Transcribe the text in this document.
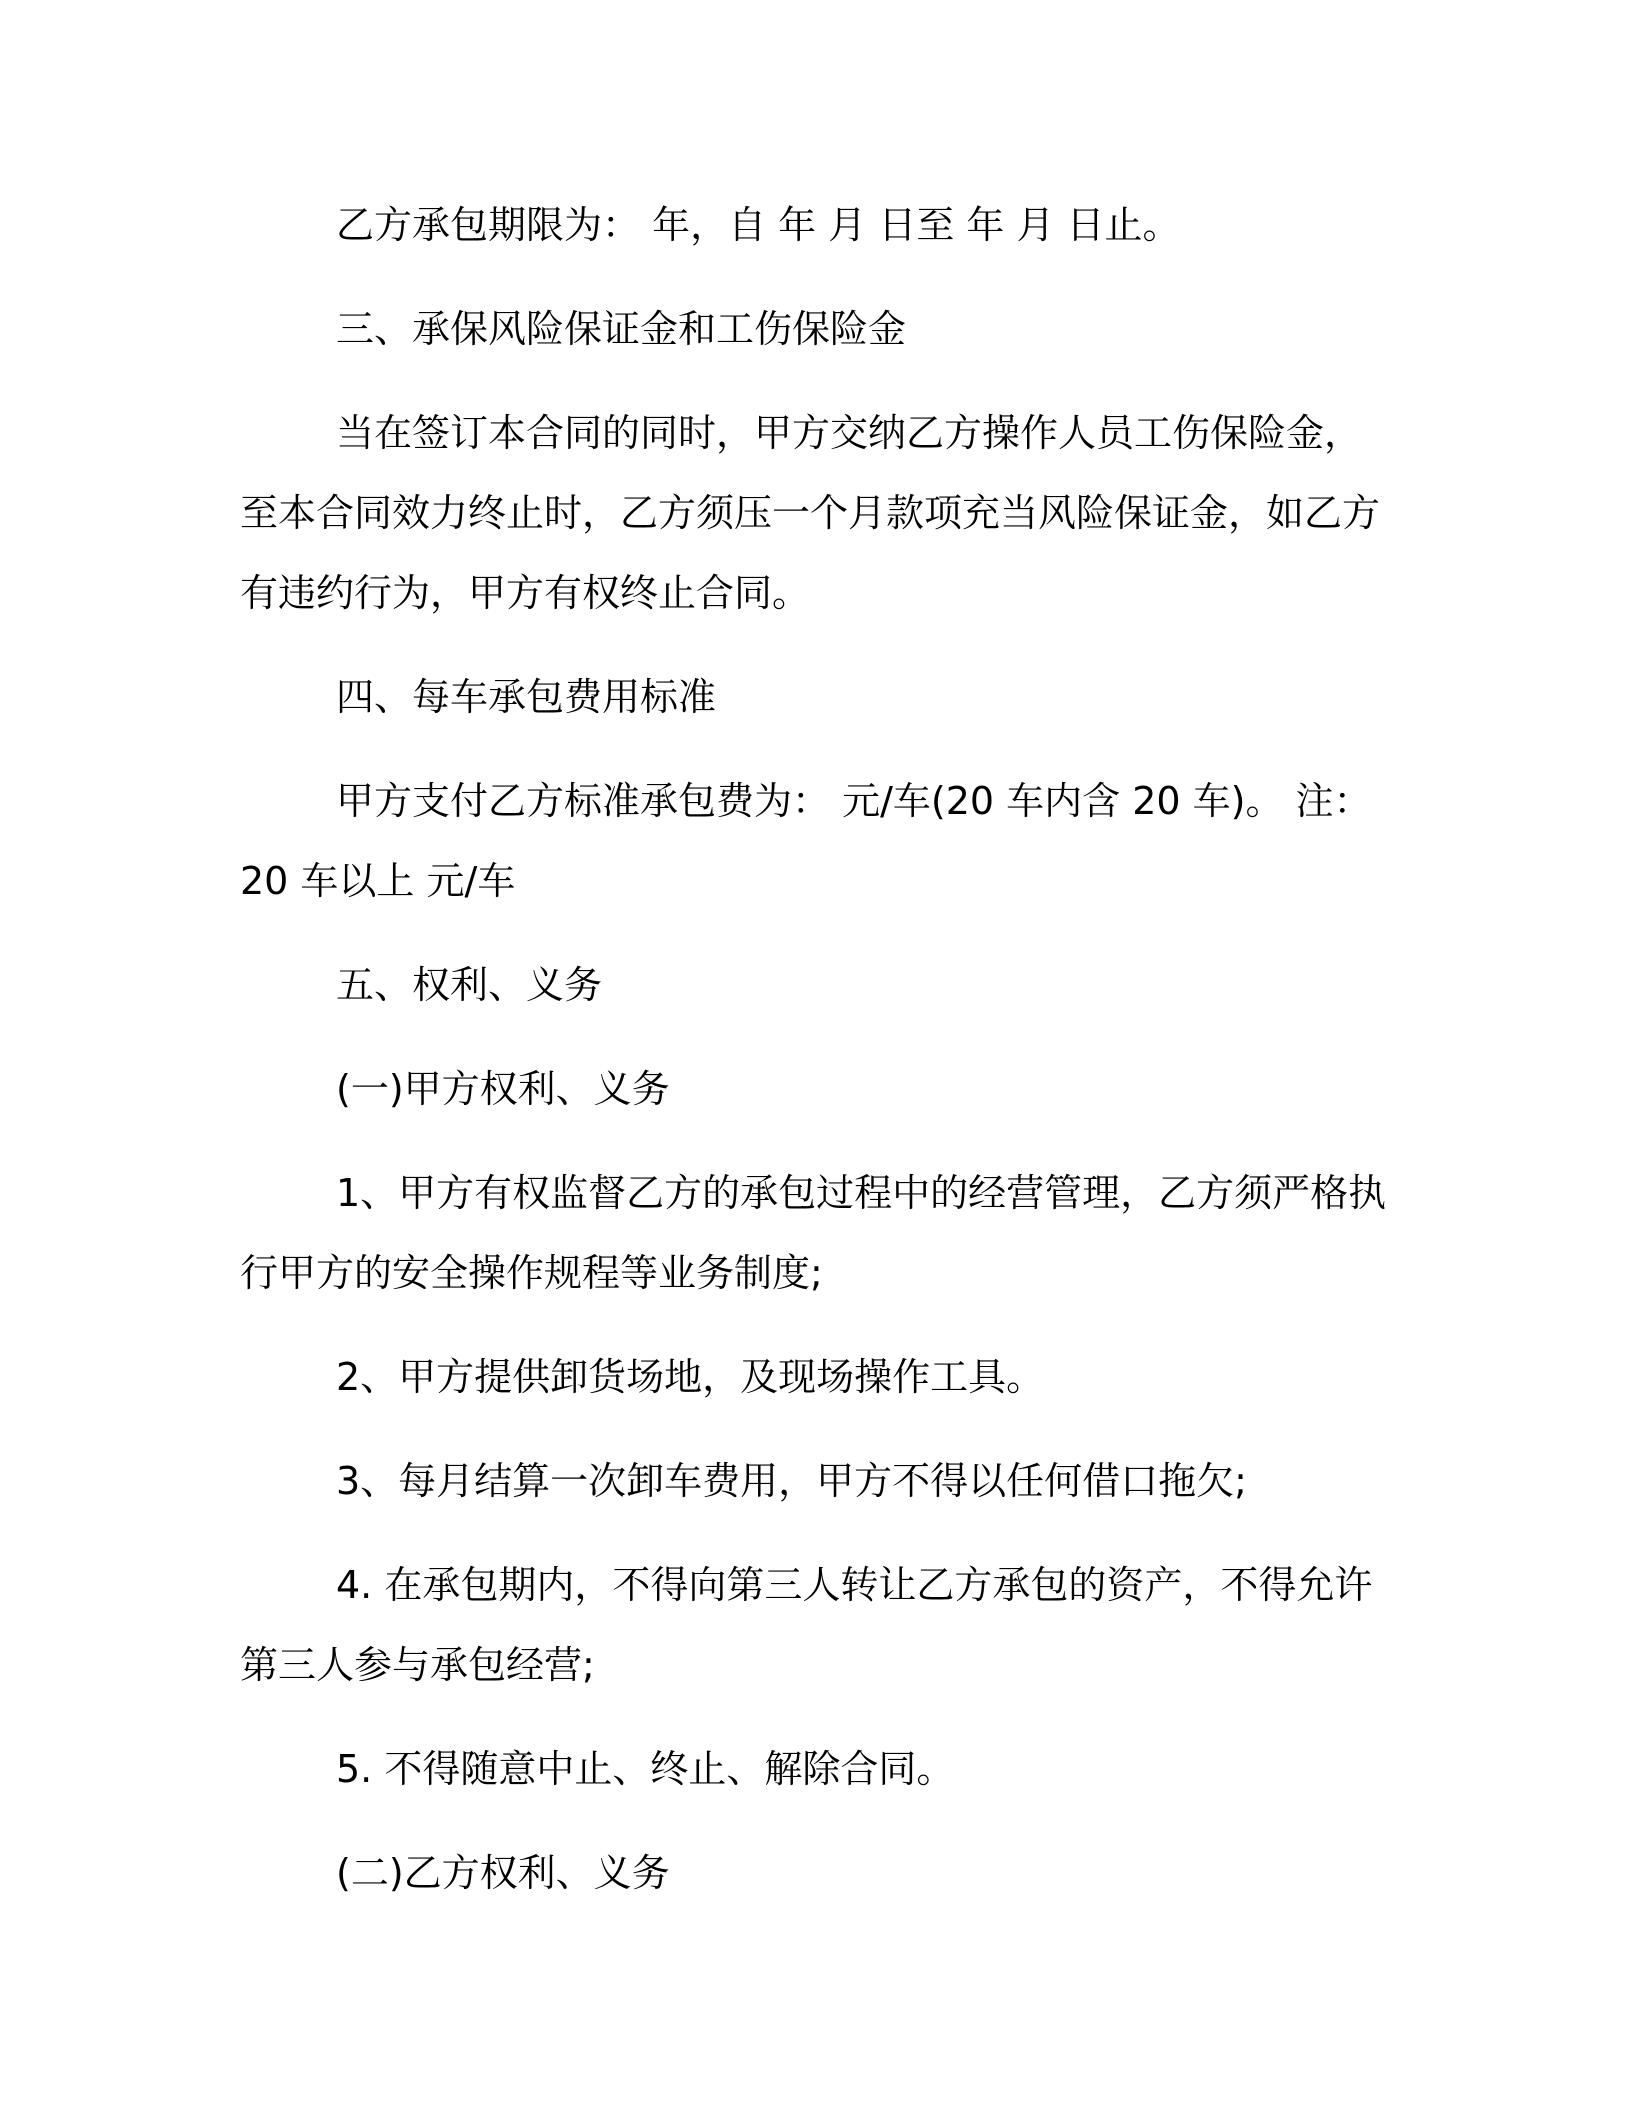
乙方承包期限为： 年，自 年 月 日至 年 月 日止。

三、承保风险保证金和工伤保险金

当在签订本合同的同时，甲方交纳乙方操作人员工伤保险金，至本合同效力终止时，乙方须压一个月款项充当风险保证金，如乙方有违约行为，甲方有权终止合同。

四、每车承包费用标准

甲方支付乙方标准承包费为： 元/车(20 车内含 20 车)。 注：20 车以上 元/车

五、权利、义务

(一)甲方权利、义务

1、甲方有权监督乙方的承包过程中的经营管理，乙方须严格执行甲方的安全操作规程等业务制度;

2、甲方提供卸货场地，及现场操作工具。

3、每月结算一次卸车费用，甲方不得以任何借口拖欠;

4. 在承包期内，不得向第三人转让乙方承包的资产，不得允许第三人参与承包经营;

5. 不得随意中止、终止、解除合同。

(二)乙方权利、义务
